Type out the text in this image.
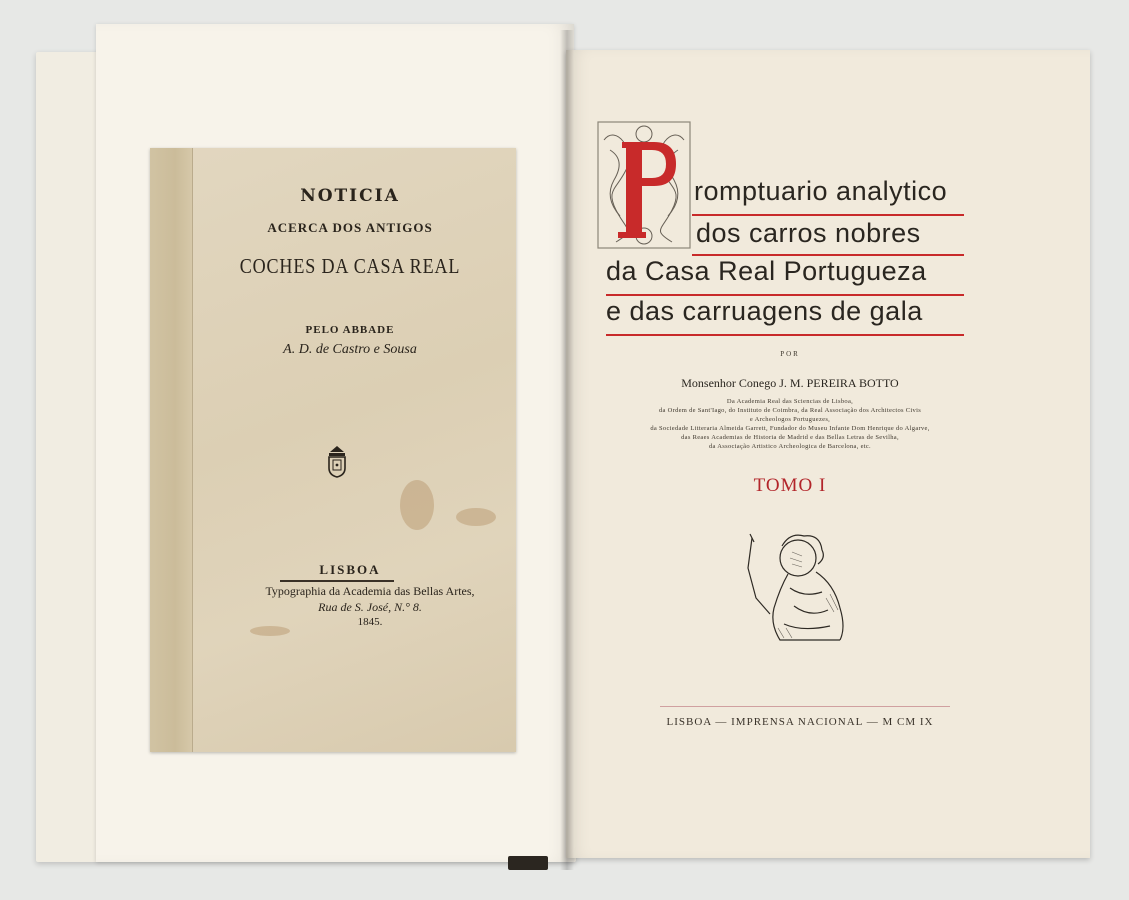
NOTICIA
ACERCA DOS ANTIGOS
COCHES DA CASA REAL
PELO ABBADE
A. D. de Castro e Sousa
LISBOA
Typographia da Academia das Bellas Artes,
Rua de S. José, N.° 8.
1845.
romptuario analytico
dos carros nobres
da Casa Real Portugueza
e das carruagens de gala
POR
Monsenhor Conego J. M. PEREIRA BOTTO
Da Academia Real das Sciencias de Lisboa,
da Ordem de Sant'Iago, do Instituto de Coimbra, da Real Associação dos Architectos Civis
e Archeologos Portuguezes,
da Sociedade Litteraria Almeida Garrett, Fundador do Museu Infante Dom Henrique do Algarve,
das Reaes Academias de Historia de Madrid e das Bellas Letras de Sevilha,
da Associação Artistico Archeologica de Barcelona, etc.
TOMO I
LISBOA — IMPRENSA NACIONAL — M CM IX
